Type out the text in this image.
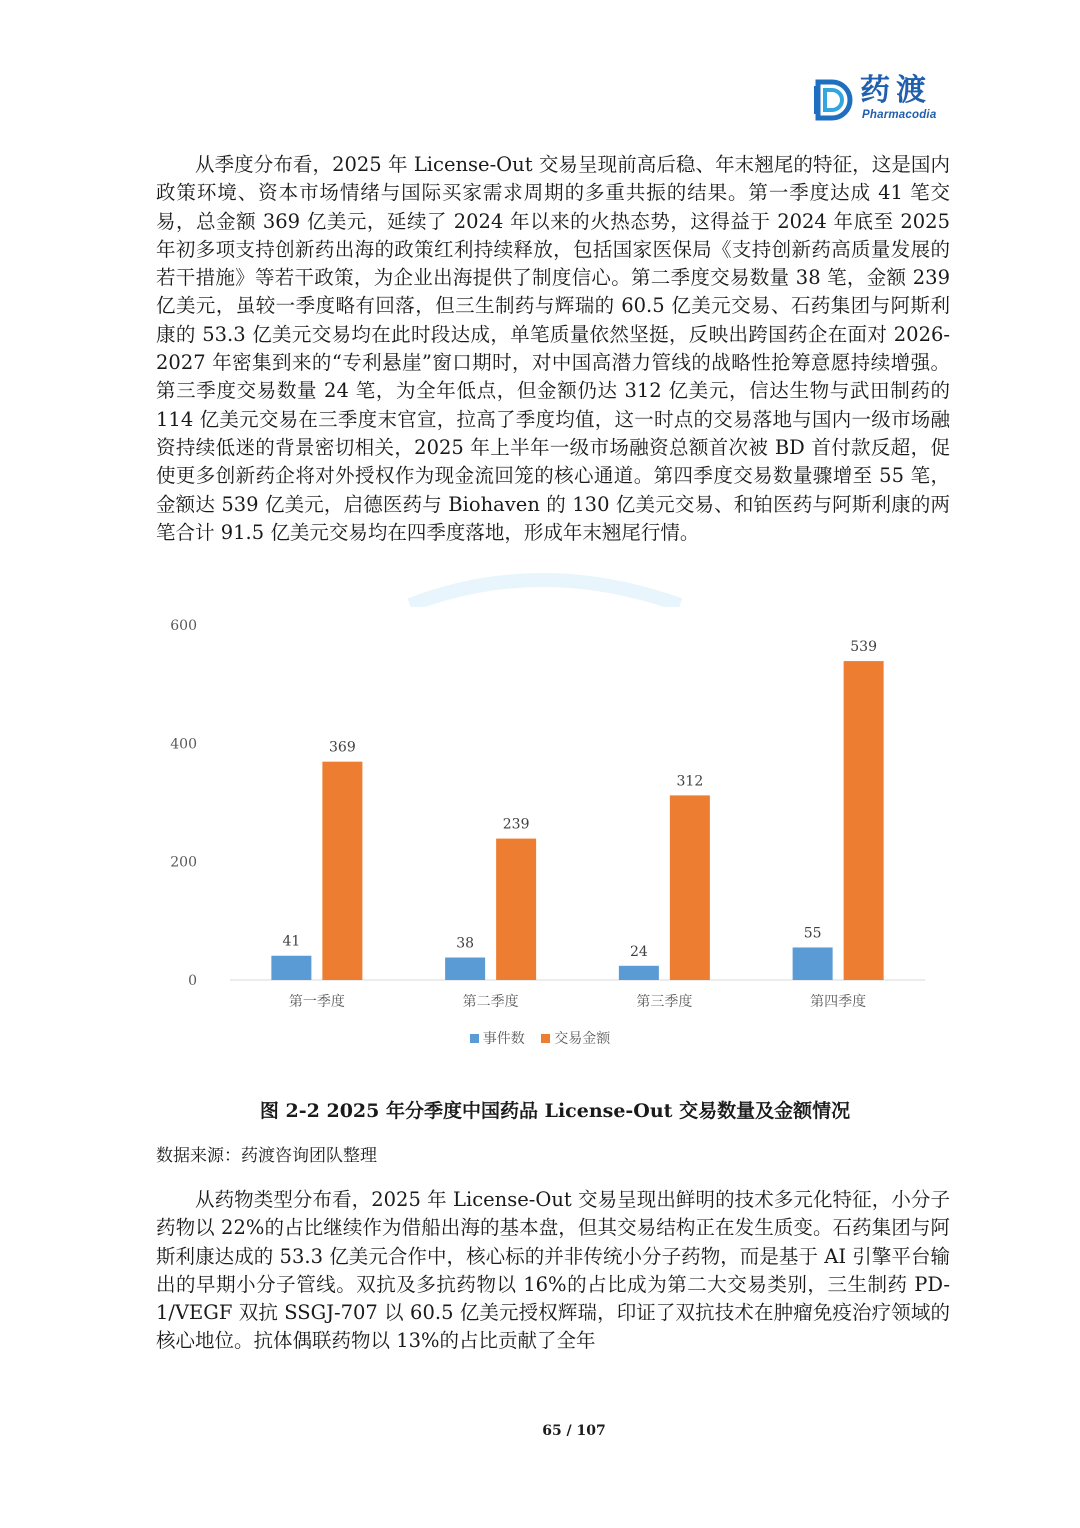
药渡
Pharmacodia

从季度分布看，2025 年 License-Out 交易呈现前高后稳、年末翘尾的特征，这是国内政策环境、资本市场情绪与国际买家需求周期的多重共振的结果。第一季度达成 41 笔交易，总金额 369 亿美元，延续了 2024 年以来的火热态势，这得益于 2024 年底至 2025 年初多项支持创新药出海的政策红利持续释放，包括国家医保局《支持创新药高质量发展的若干措施》等若干政策，为企业出海提供了制度信心。第二季度交易数量 38 笔，金额 239 亿美元，虽较一季度略有回落，但三生制药与辉瑞的 60.5 亿美元交易、石药集团与阿斯利康的 53.3 亿美元交易均在此时段达成，单笔质量依然坚挺，反映出跨国药企在面对 2026-2027 年密集到来的“专利悬崖”窗口期时，对中国高潜力管线的战略性抢筹意愿持续增强。第三季度交易数量 24 笔，为全年低点，但金额仍达 312 亿美元，信达生物与武田制药的 114 亿美元交易在三季度末官宣，拉高了季度均值，这一时点的交易落地与国内一级市场融资持续低迷的背景密切相关，2025 年上半年一级市场融资总额首次被 BD 首付款反超，促使更多创新药企将对外授权作为现金流回笼的核心通道。第四季度交易数量骤增至 55 笔，金额达 539 亿美元，启德医药与 Biohaven 的 130 亿美元交易、和铂医药与阿斯利康的两笔合计 91.5 亿美元交易均在四季度落地，形成年末翘尾行情。

0
200
400
600
41
369
第一季度
38
239
第二季度
24
312
第三季度
55
539
第四季度
事件数 交易金额
图 2-2 2025 年分季度中国药品 License-Out 交易数量及金额情况
数据来源：药渡咨询团队整理

从药物类型分布看，2025 年 License-Out 交易呈现出鲜明的技术多元化特征，小分子药物以 22%的占比继续作为借船出海的基本盘，但其交易结构正在发生质变。石药集团与阿斯利康达成的 53.3 亿美元合作中，核心标的并非传统小分子药物，而是基于 AI 引擎平台输出的早期小分子管线。双抗及多抗药物以 16%的占比成为第二大交易类别，三生制药 PD-1/VEGF 双抗 SSGJ-707 以 60.5 亿美元授权辉瑞，印证了双抗技术在肿瘤免疫治疗领域的核心地位。抗体偶联药物以 13%的占比贡献了全年

65 / 107
